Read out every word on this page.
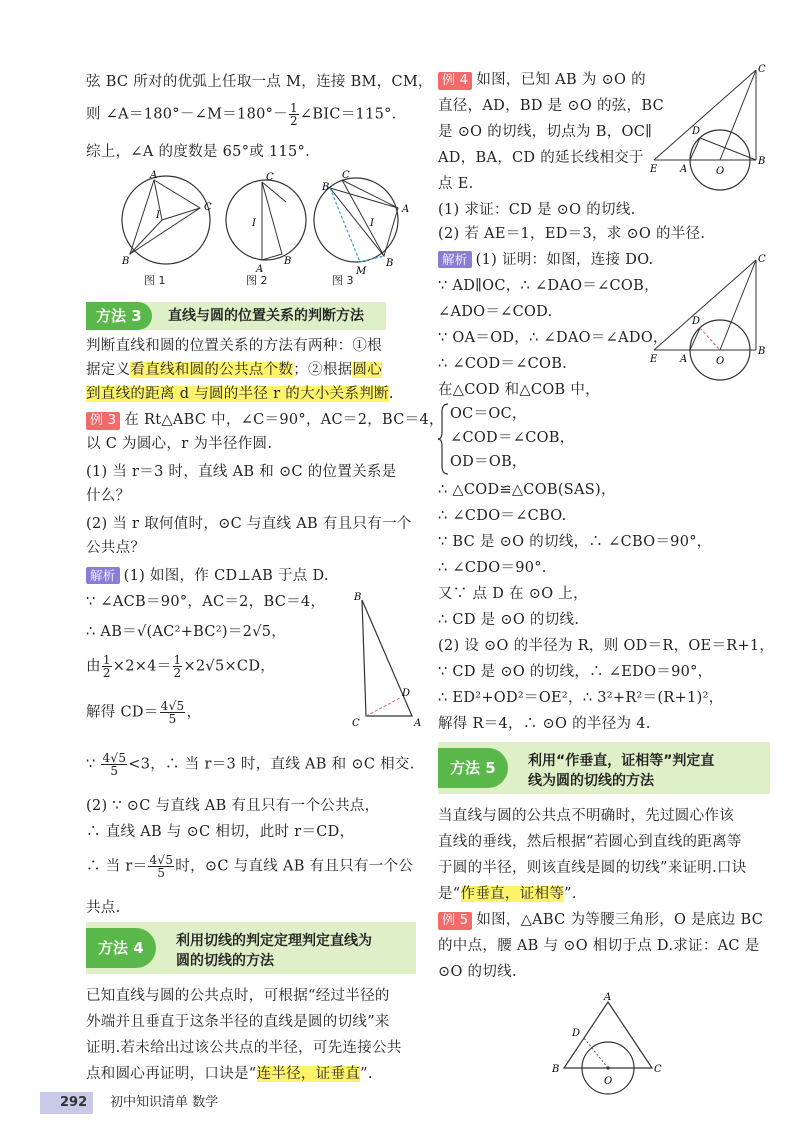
弦 BC 所对的优弧上任取一点 M，连接 BM，CM，
则 ∠A＝180°－∠M＝180°－ $\frac{1}{2}$ ∠BIC＝115°.
综上，∠A 的度数是 65°或 115°.
A
B
C
I
C
I
A
B
C
B
A
I
B
M
图 1	图 2	图 3
方法 3	直线与圆的位置关系的判断方法
判断直线和圆的位置关系的方法有两种：①根
据定义看直线和圆的公共点个数；②根据圆心
到直线的距离 d 与圆的半径 r 的大小关系判断.
例 3 在 Rt△ABC 中，∠C＝90°，AC＝2，BC＝4，
以 C 为圆心，r 为半径作圆.
(1) 当 r＝3 时，直线 AB 和 ⊙C 的位置关系是
什么？
(2) 当 r 取何值时，⊙C 与直线 AB 有且只有一个
公共点？
解析 (1) 如图，作 CD⊥AB 于点 D.
∵ ∠ACB＝90°，AC＝2，BC＝4，
∴ AB＝√(AC²+BC²)＝2√5，
由 $\frac{1}{2} \times 2\times 4= \frac{1}{2} \times 2√5\times CD$，
解得 $CD= \frac{4√5}{5}$ ，
∵ $\frac{4√5}{5} <3$，∴ 当 r＝3 时，直线 AB 和 ⊙C 相交.
(2) ∵ ⊙C 与直线 AB 有且只有一个公共点，
∴ 直线 AB 与 ⊙C 相切，此时 r＝CD，
∴ 当 $r= \frac{4√5}{5}$ 时，⊙C 与直线 AB 有且只有一个公
共点.
B
C	A
D
方法 4	利用切线的判定定理判定直线为
圆的切线的方法
已知直线与圆的公共点时，可根据“经过半径的
外端并且垂直于这条半径的直线是圆的切线”来
证明.若未给出过该公共点的半径，可先连接公共
点和圆心再证明，口诀是“连半径，证垂直”.
例 4 如图，已知 AB 为 ⊙O 的
直径，AD，BD 是 ⊙O 的弦，BC
是 ⊙O 的切线，切点为 B，OC∥
AD，BA，CD 的延长线相交于
点 E.
(1) 求证：CD 是 ⊙O 的切线.
(2) 若 AE＝1，ED＝3，求 ⊙O 的半径.
C
D
E A	O
B
解析 (1) 证明：如图，连接 DO.
∵ AD∥OC，∴ ∠DAO＝∠COB，
∠ADO＝∠COD.
∵ OA＝OD，∴ ∠DAO＝∠ADO，
∴ ∠COD＝∠COB.
在△COD 和△COB 中，
C
D
E A	O
B
OC＝OC，
∠COD＝∠COB，
OD＝OB，
∴ △COD≌△COB(SAS)，
∴ ∠CDO＝∠CBO.
∵ BC 是 ⊙O 的切线，∴ ∠CBO＝90°，
∴ ∠CDO＝90°.
又∵ 点 D 在 ⊙O 上，
∴ CD 是 ⊙O 的切线.
(2) 设 ⊙O 的半径为 R，则 OD＝R，OE＝R+1，
∵ CD 是 ⊙O 的切线，∴ ∠EDO＝90°，
∴ ED²+OD²＝OE²，∴ 3²+R²＝(R+1)²，
解得 R＝4，∴ ⊙O 的半径为 4.
方法 5	利用“作垂直，证相等”判定直
线为圆的切线的方法
当直线与圆的公共点不明确时，先过圆心作该
直线的垂线，然后根据“若圆心到直线的距离等
于圆的半径，则该直线是圆的切线”来证明.口诀
是“作垂直，证相等”.
例 5 如图，△ABC 为等腰三角形，O 是底边 BC
的中点，腰 AB 与 ⊙O 相切于点 D.求证：AC 是
⊙O 的切线.
A
B	C
D
O
292	初中知识清单 数学
